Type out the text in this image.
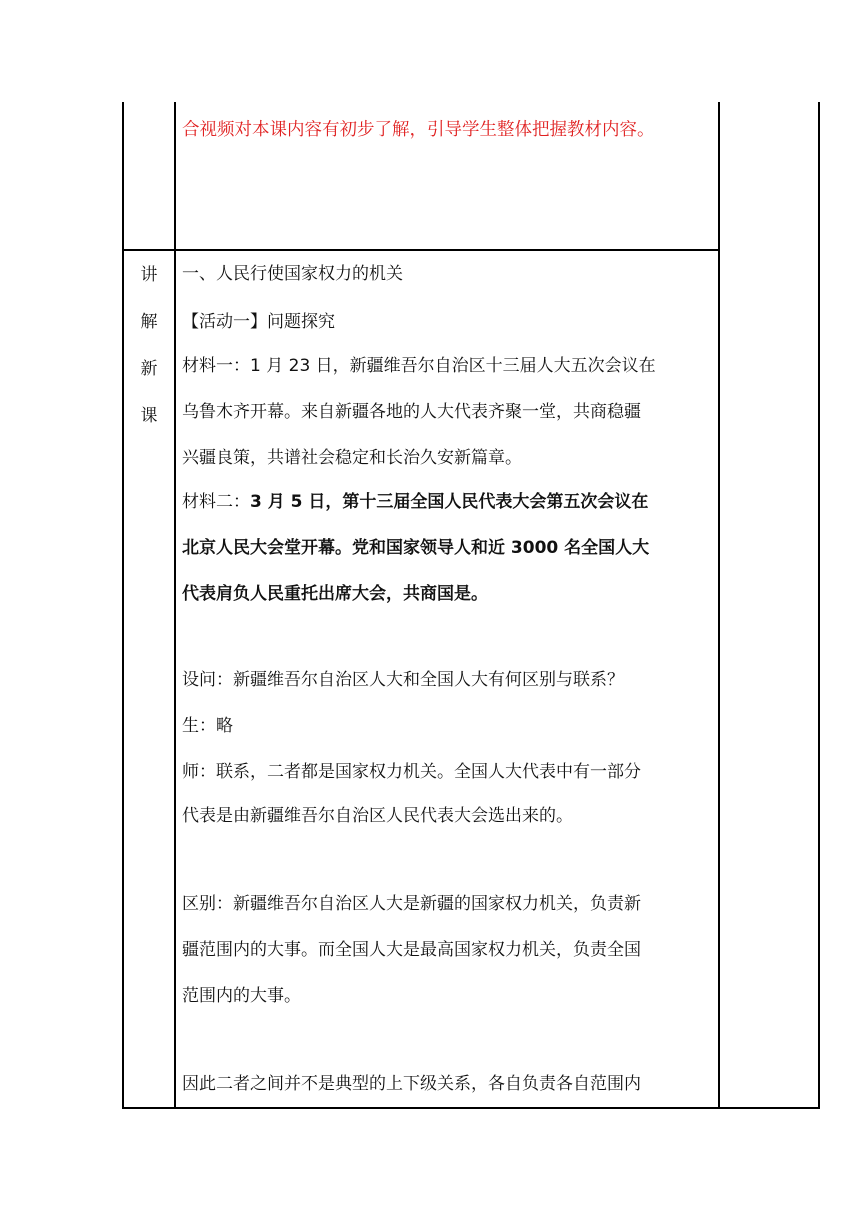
合视频对本课内容有初步了解，引导学生整体把握教材内容。
讲
解
新
课
一、人民行使国家权力的机关
【活动一】问题探究
材料一：1 月 23 日，新疆维吾尔自治区十三届人大五次会议在
乌鲁木齐开幕。来自新疆各地的人大代表齐聚一堂，共商稳疆
兴疆良策，共谱社会稳定和长治久安新篇章。
材料二：3 月 5 日，第十三届全国人民代表大会第五次会议在
北京人民大会堂开幕。党和国家领导人和近 3000 名全国人大
代表肩负人民重托出席大会，共商国是。
设问：新疆维吾尔自治区人大和全国人大有何区别与联系？
生：略
师：联系，二者都是国家权力机关。全国人大代表中有一部分
代表是由新疆维吾尔自治区人民代表大会选出来的。
区别：新疆维吾尔自治区人大是新疆的国家权力机关，负责新
疆范围内的大事。而全国人大是最高国家权力机关，负责全国
范围内的大事。
因此二者之间并不是典型的上下级关系，各自负责各自范围内
